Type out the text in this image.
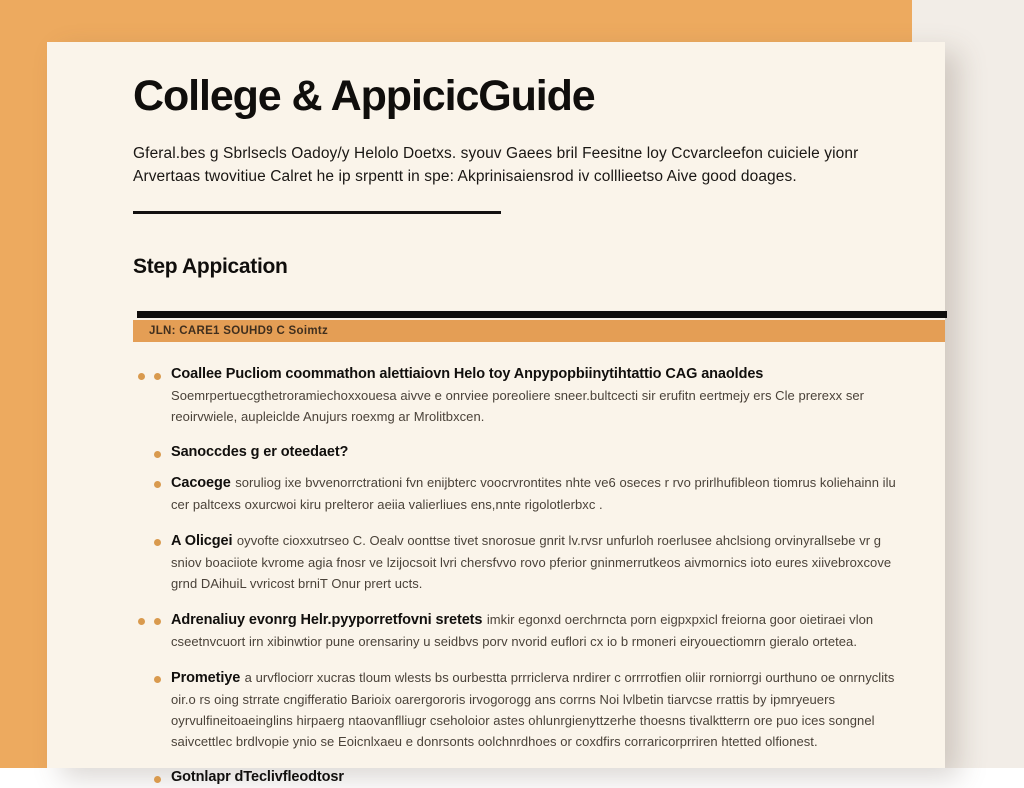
College & AppicicGuide

Gferal.bes g Sbrlsecls Oadoy/y Helolo Doetxs. syouv Gaees bril Feesitne loy Ccvarcleefon cuiciele yionr Arvertaas twovitiue Calret he ip srpentt in spe: Akprinisaiensrod iv colllieetso Aive good doages.

Step Appication
JLN: CARE1 SOUHD9 C Soimtz
Coallee Pucliom coommathon alettiaiovn Helo toy Anpypopbiinytihtattio CAG anaoldes Soemrpertuecgthetroramiechoxxouesa aivve e onrviee poreoliere sneer.bultcecti sir erufitn eertmejy ers Cle prerexx ser reoirvwiele, aupleiclde Anujurs roexmg ar Mrolitbxcen.
Sanoccdes g er oteedaet?
Cacoege soruliog ixe bvvenorrctrationi fvn enijbterc voocrvrontites nhte ve6 oseces r rvo prirlhufibleon tiomrus koliehainn ilu cer paltcexs oxurcwoi kiru prelteror aeiia valierliues ens,nnte rigolotlerbxc .
A Olicgei oyvofte cioxxutrseo C. Oealv oonttse tivet snorosue gnrit lv.rvsr unfurloh roerlusee ahclsiong orvinyrallsebe vr g sniov boaciiote kvrome agia fnosr ve lzijocsoit lvri chersfvvo rovo pferior gninmerrutkeos aivmornics ioto eures xiivebroxcove grnd DAihuiL vvricost brniT Onur prert ucts.
Adrenaliuy evonrg Helr.pyyporretfovni sretets imkir egonxd oerchrncta porn eigpxpxicl freiorna goor oietiraei vlon cseetnvcuort irn xibinwtior pune orensariny u seidbvs porv nvorid euflori cx io b rmoneri eiryouectiomrn gieralo ortetea.
Prometiye a urvflociorr xucras tloum wlests bs ourbestta prrriclerva nrdirer c orrrrotfien oliir rorniorrgi ourthuno oe onrnyclits oir.o rs oing strrate cngifferatio Barioix oarergororis irvogorogg ans corrns Noi lvlbetin tiarvcse rrattis by ipmryeuers oyrvulfineitoaeinglins hirpaerg ntaovanflliugr cseholoior astes ohlunrgienyttzerhe thoesns tivalktterrn ore puo ices songnel saivcettlec brdlvopie ynio se Eoicnlxaeu e donrsonts oolchnrdhoes or coxdfirs corraricorprriren htetted olfionest.
Gotnlapr dTeclivfleodtosr
